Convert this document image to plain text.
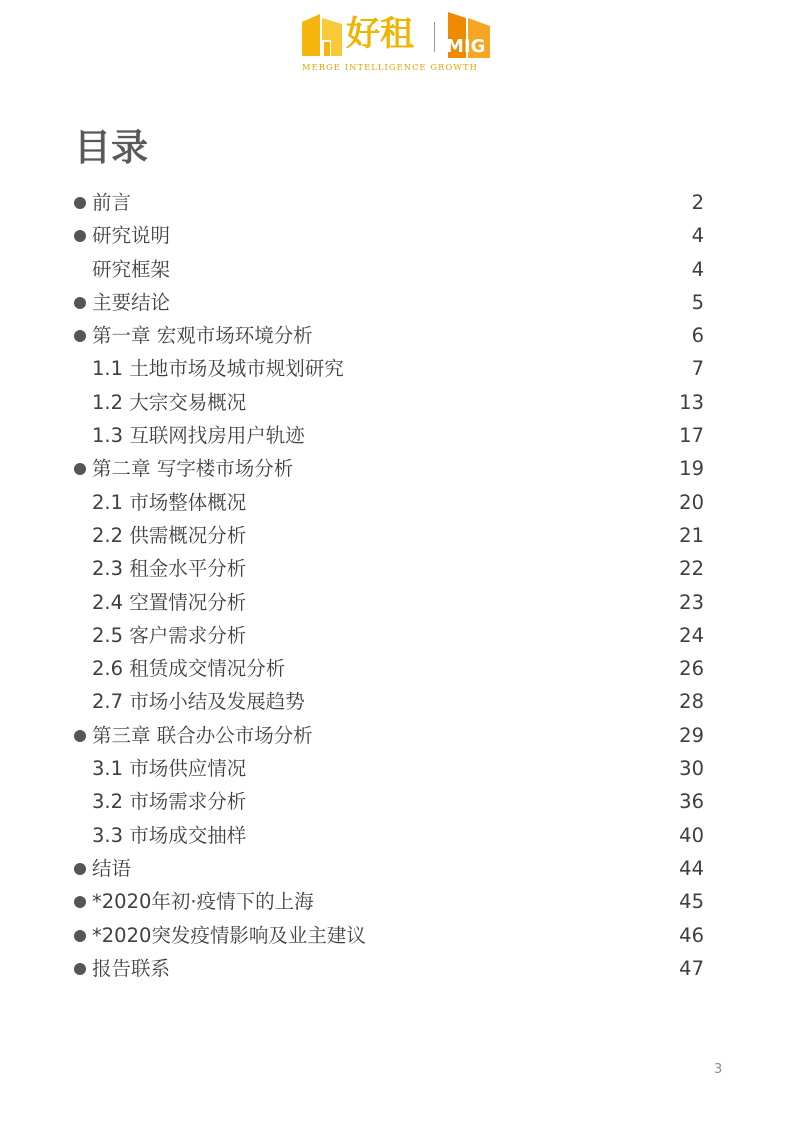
好租 MIG
MERGE INTELLIGENCE GROWTH
目录
前言	2
研究说明	4
研究框架	4
主要结论	5
第一章 宏观市场环境分析	6
1.1 土地市场及城市规划研究	7
1.2 大宗交易概况	13
1.3 互联网找房用户轨迹	17
第二章 写字楼市场分析	19
2.1 市场整体概况	20
2.2 供需概况分析	21
2.3 租金水平分析	22
2.4 空置情况分析	23
2.5 客户需求分析	24
2.6 租赁成交情况分析	26
2.7 市场小结及发展趋势	28
第三章 联合办公市场分析	29
3.1 市场供应情况	30
3.2 市场需求分析	36
3.3 市场成交抽样	40
结语	44
*2020年初·疫情下的上海	45
*2020突发疫情影响及业主建议	46
报告联系	47
3
